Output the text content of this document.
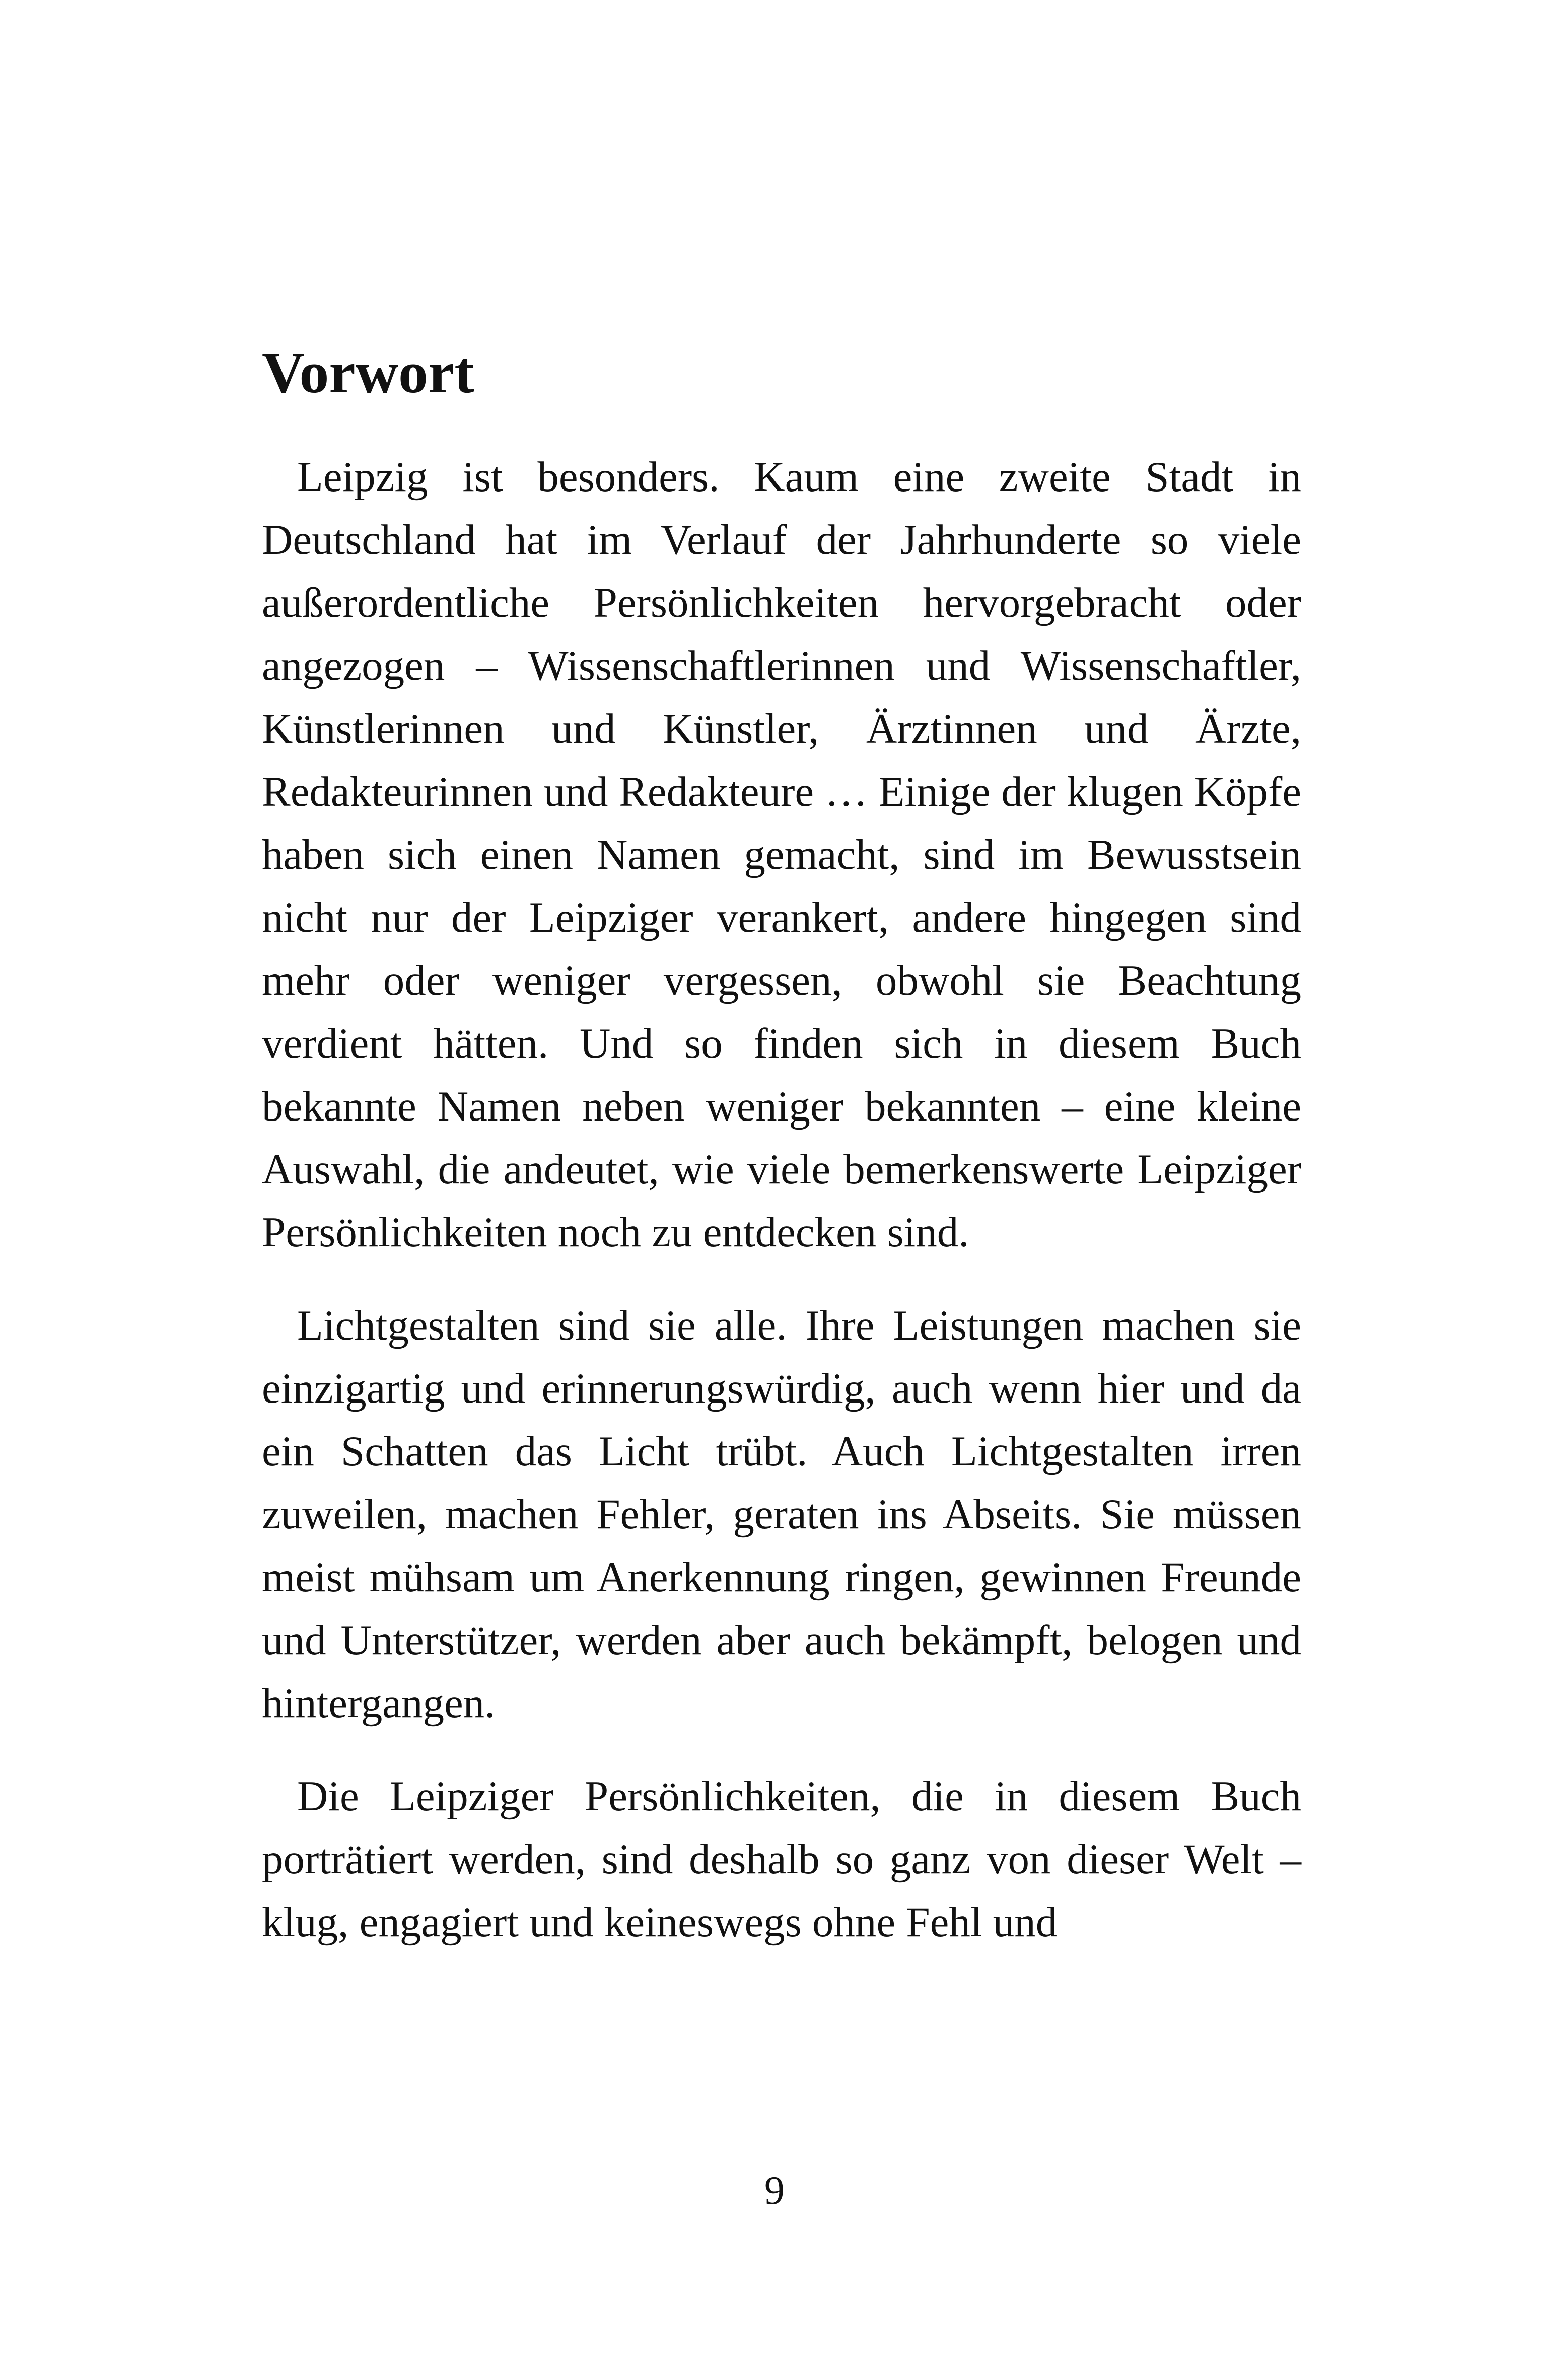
Vorwort

Leipzig ist besonders. Kaum eine zweite Stadt in Deutschland hat im Verlauf der Jahrhunderte so viele außerordentliche Persönlichkeiten hervorgebracht oder angezogen – Wissenschaftlerinnen und Wissenschaftler, Künstlerinnen und Künstler, Ärztinnen und Ärzte, Redakteurinnen und Redakteure … Einige der klugen Köpfe haben sich einen Namen gemacht, sind im Bewusstsein nicht nur der Leipziger verankert, andere hingegen sind mehr oder weniger vergessen, obwohl sie Beachtung verdient hätten. Und so finden sich in diesem Buch bekannte Namen neben weniger bekannten – eine kleine Auswahl, die andeutet, wie viele bemerkenswerte Leipziger Persönlichkeiten noch zu entdecken sind.

Lichtgestalten sind sie alle. Ihre Leistungen machen sie einzigartig und erinnerungswürdig, auch wenn hier und da ein Schatten das Licht trübt. Auch Lichtgestalten irren zuweilen, machen Fehler, geraten ins Abseits. Sie müssen meist mühsam um Anerkennung ringen, gewinnen Freunde und Unterstützer, werden aber auch bekämpft, belogen und hintergangen.

Die Leipziger Persönlichkeiten, die in diesem Buch porträtiert werden, sind deshalb so ganz von dieser Welt – klug, engagiert und keineswegs ohne Fehl und

9
